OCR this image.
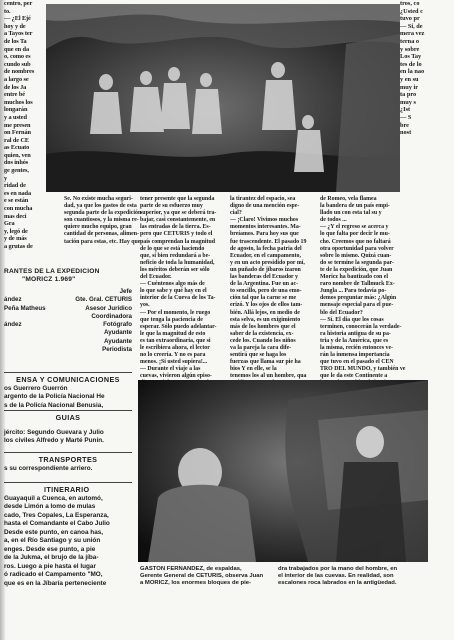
centro, per

to.

— ¿El Ejé

hoy y de

a Tayos ter

de los Ta

que en da

o, como es

cundo sub

de nombres

a largo se

de los Ja

entre bé

muchos los

longarán

y a usted

me presen

on Fernán

ral de CE

as Ecuato

quien, ven

dos inhós

ge gentes,

y

ridad de

es en nada

e se están

con mucha

mas deci

Gra

y, legó de

y de más

a grutas de

tros, co

¿Usted c

tuvo pr

— Si, de

mera vez

terna o

y sobre

Los Tay

tes de lo

en la nao

y en su

muy ir

ta pro

muy s

¿Ist

— S

bre

nost

Se. No existe mucha seguri-

dad, ya que los gastos de esta

segunda parte de la expedición

son cuantiosos, y la misma re-

quiere mucho equipo, gran

cantidad de personas, alimen-

tación para estas, etc. Hay que

tener presente que la segunda

parte de su esfuerzo muy

superior, ya que se deberá tra-

bajar, casi constantemente, en

las entradas de la tierra. Es-

pero que CETURIS y todo el

país comprendan la magnitud

de lo que se está haciendo

que, si bien redundará a be-

neficio de toda la humanidad,

los méritos deberán ser sólo

del Ecuador.

— Cuéntenos algo más de

lo que sabe y qué hay en el

interior de la Cueva de los Ta-

yos.

— Por el momento, le ruego

que tenga la paciencia de

esperar. Sólo puedo adelantar-

le que la magnitud de esto

es tan extraordinaria, que si

le escribiera ahora, el lector

no lo creería. Y no es para

menos. ¡Si usted supiera!...

— Durante el viaje a las

cuevas, vivieron algún episo-

la tirantez del espacio, sea

digno de una mención espe-

cial?

— ¡Claro! Vivimos muchos

momentos interesantes. Ma-

breíamos. Para hoy sus que

fue trascendente. El pasado 19

de agosto, la fecha patria del

Ecuador, en el campamento,

y en un acto presidido por mí,

un puñado de jíbaros izaron

las banderas del Ecuador y

de la Argentina. Fue un ac-

to sencillo, pero de una emo-

ción tal que la carne se me

erizó. Y los ojos de ellos tam-

bién. Allá lejos, en medio de

esta selva, es un exigimiento

más de los hombres que el

saber de la existencia, ex-

cede los. Cuando los niños

va la pareja la cara dife-

sentirá que se haga los

fuerzas que llama sur pie ha

bios Y en elle, se la

tenemos los al un hombre, qua

de Romeo, vela flamea

la bandera de un país empi-

llado un con esta tal su y

de todos ...

— ¿Y el regreso se acerca y

lo que falta por decir le mu-

cho. Creemos que no faltará

otra oportunidad para volver

sobre lo mismo. Quizá cuan-

do se termine la segunda par-

te de la expedición, que Juan

Moricz ha bautizado con el

raro nombre de Tallmuck Ex-

Jungla ... Para todavía po-

demos preguntar más: ¿Algún

mensaje especial para el pue-

blo del Ecuador?

— Sí. El día que los cosas

terminen, conocerán la verdade-

ra historia antigua de su pa-

tria y de la América, que es

la misma, recién entonces ve-

rán la inmensa importancia

que tuvo en el pasado el CEN

TRO DEL MUNDO, y también ve

que le da este Continente a

RANTES DE LA EXPEDICION
"MORICZ 1.969"
Jefe
ández	Gte. Gral. CETURIS
Peña Matheus	Asesor Jurídico
Coordinadora
ández	Fotógrafo
Ayudante
Ayudante
Periodista

ENSA Y COMUNICACIONES

os Guerrero Guerrón

argento de la Policía Nacional He

s de la Policía Nacional Benusia,

GUIAS

jército: Segundo Guevara y Julio

los civiles Alfredo y Marté Punin.

TRANSPORTES

s su correspondiente arriero.

ITINERARIO

Guayaquil a Cuenca, en automó,

desde Limón a lomo de mulas

cado, Tres Copales, La Esperanza,

hasta el Comandante el Cabo Julio

Desde este punto, en canoa has,

a, en el Río Santiago y su unión

enges. Desde ese punto, a pie

de la Jukma, el brujo de la jíba-

ros. Luego a pie hasta el lugar

ó radicado el Campamento "MO,

que es en la Jíbaría perteneciente

GASTON FERNANDEZ, de espaldas,

Gerente General de CETURIS, observa Juan

a MORICZ, los enormes bloques de pie-

dra trabajados por la mano del hombre, en

el interior de las cuevas. En realidad, son

escalones roca labrados en la antigüedad.
